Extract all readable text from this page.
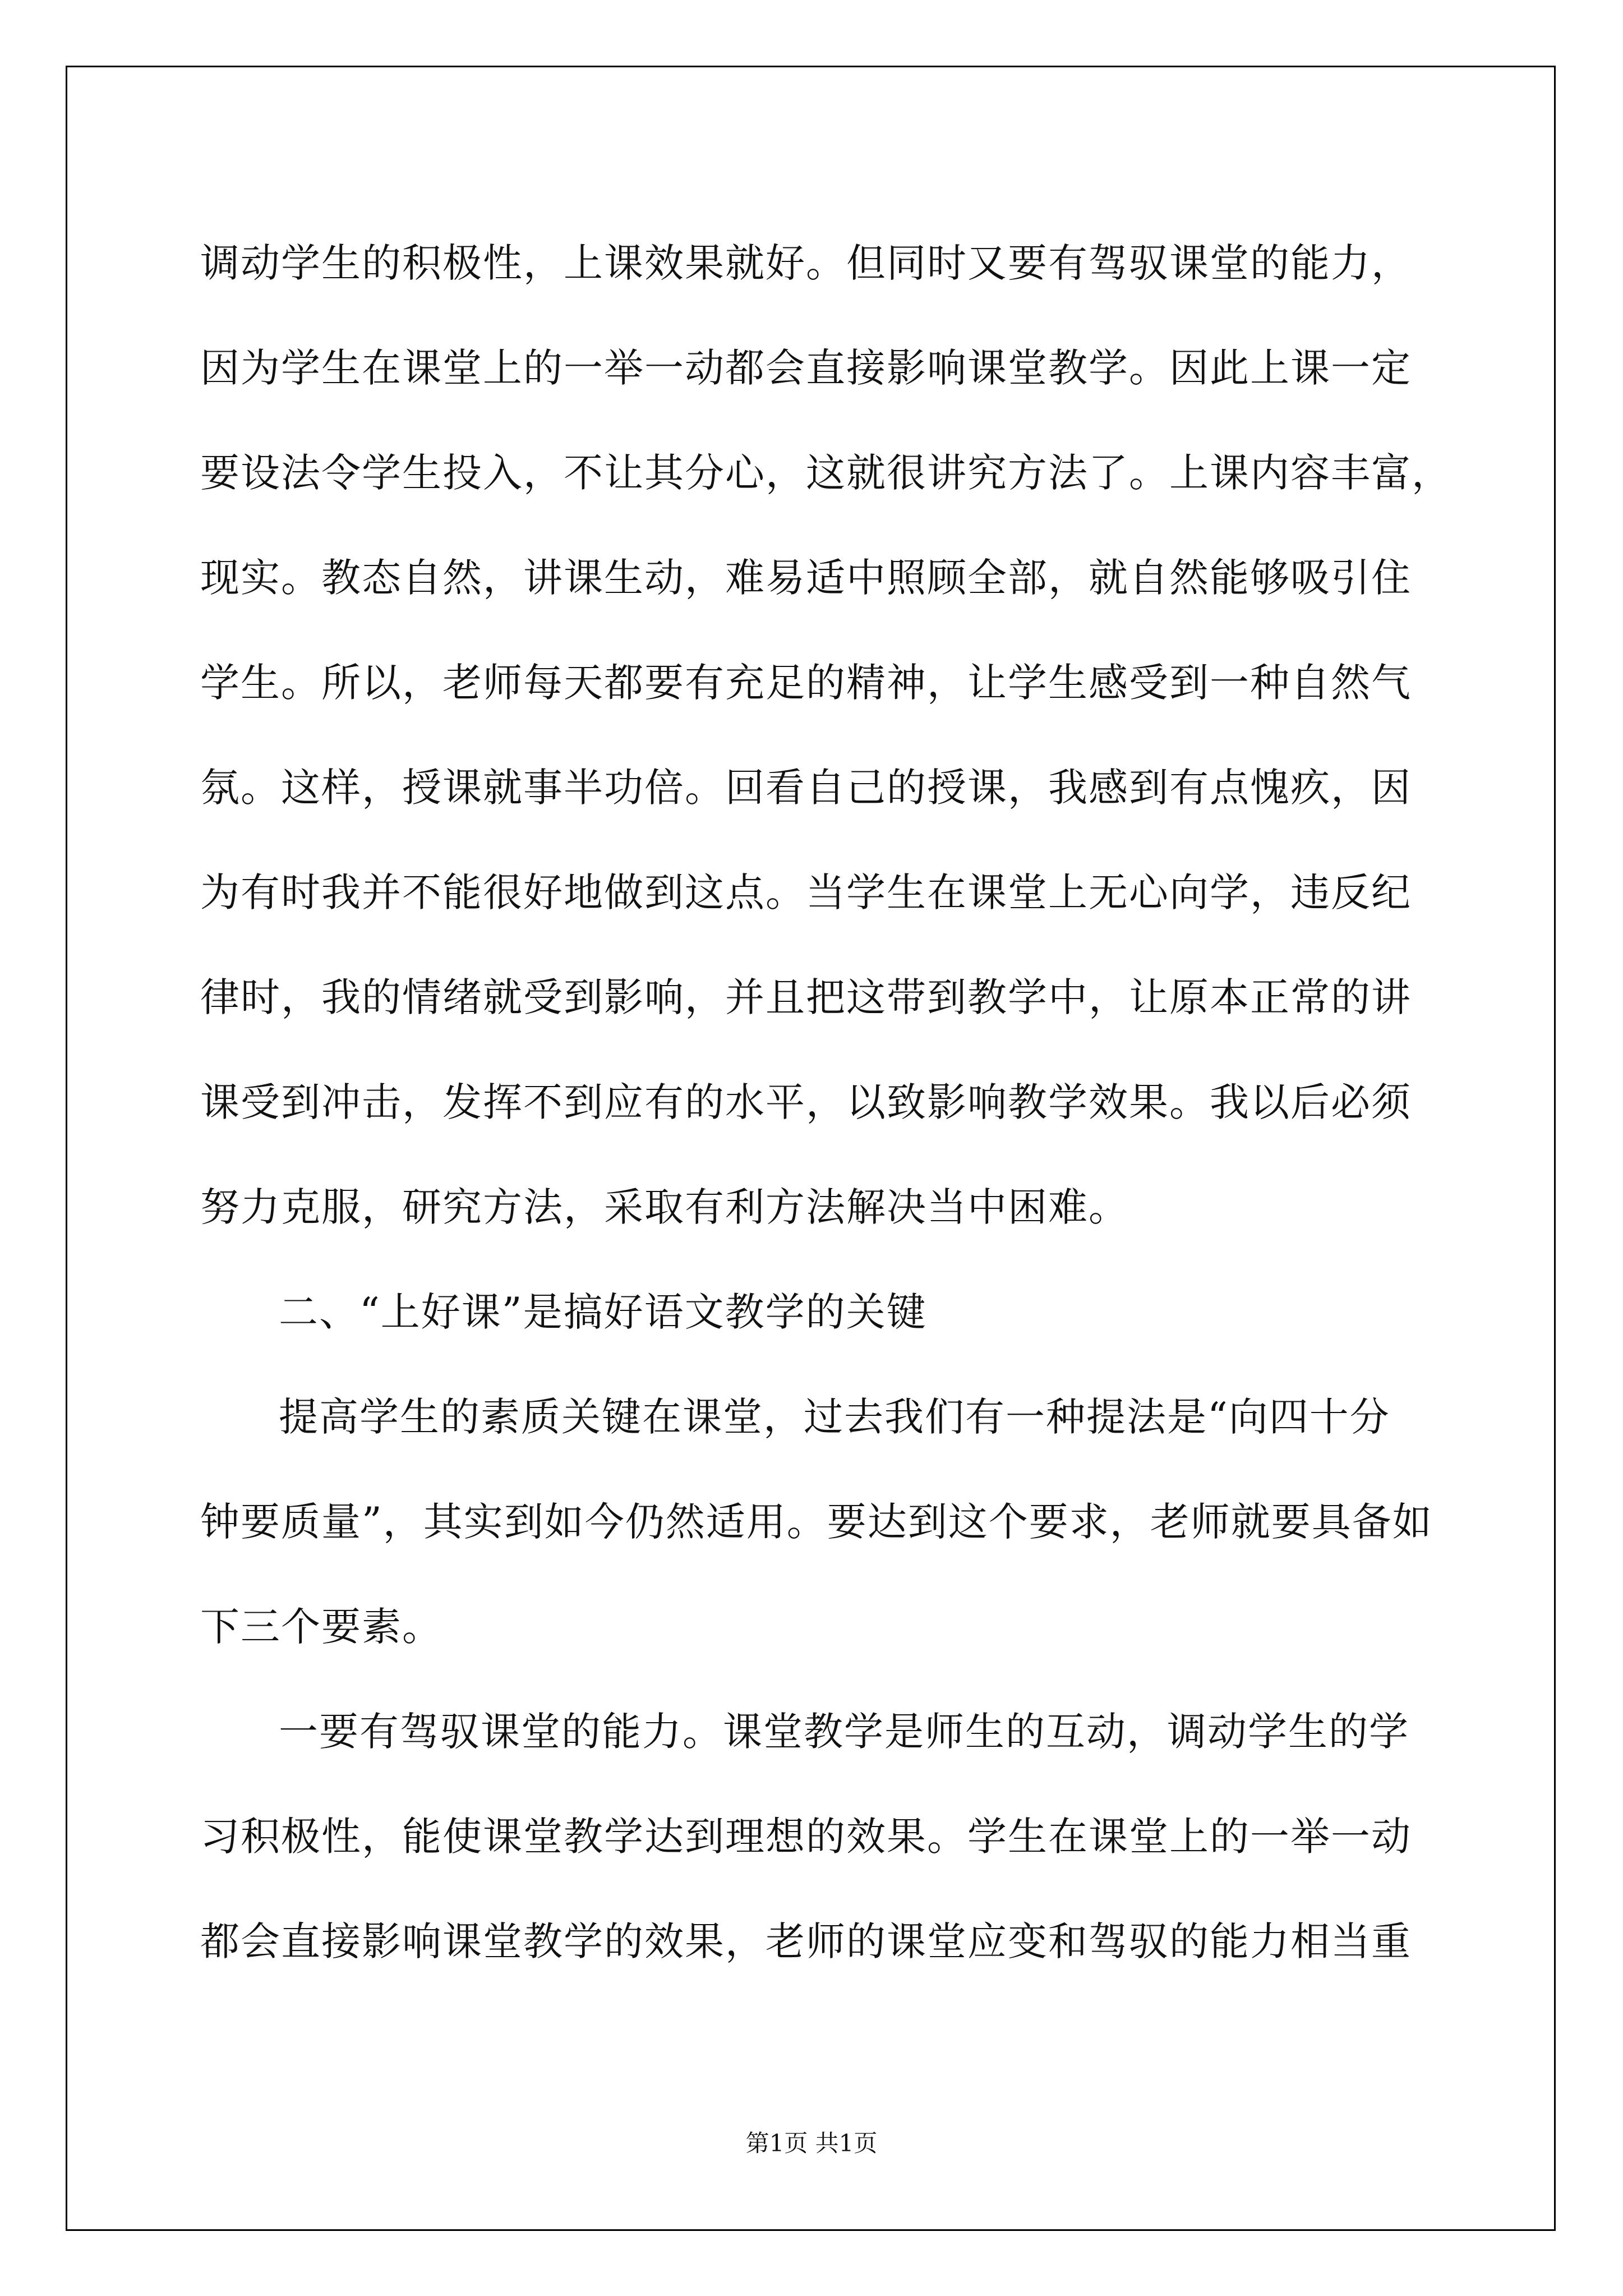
调动学生的积极性，上课效果就好。但同时又要有驾驭课堂的能力，
因为学生在课堂上的一举一动都会直接影响课堂教学。因此上课一定
要设法令学生投入，不让其分心，这就很讲究方法了。上课内容丰富，
现实。教态自然，讲课生动，难易适中照顾全部，就自然能够吸引住
学生。所以，老师每天都要有充足的精神，让学生感受到一种自然气
氛。这样，授课就事半功倍。回看自己的授课，我感到有点愧疚，因
为有时我并不能很好地做到这点。当学生在课堂上无心向学，违反纪
律时，我的情绪就受到影响，并且把这带到教学中，让原本正常的讲
课受到冲击，发挥不到应有的水平，以致影响教学效果。我以后必须
努力克服，研究方法，采取有利方法解决当中困难。
二、“上好课”是搞好语文教学的关键
提高学生的素质关键在课堂，过去我们有一种提法是“向四十分
钟要质量”，其实到如今仍然适用。要达到这个要求，老师就要具备如
下三个要素。
一要有驾驭课堂的能力。课堂教学是师生的互动，调动学生的学
习积极性，能使课堂教学达到理想的效果。学生在课堂上的一举一动
都会直接影响课堂教学的效果，老师的课堂应变和驾驭的能力相当重
第1页 共1页
